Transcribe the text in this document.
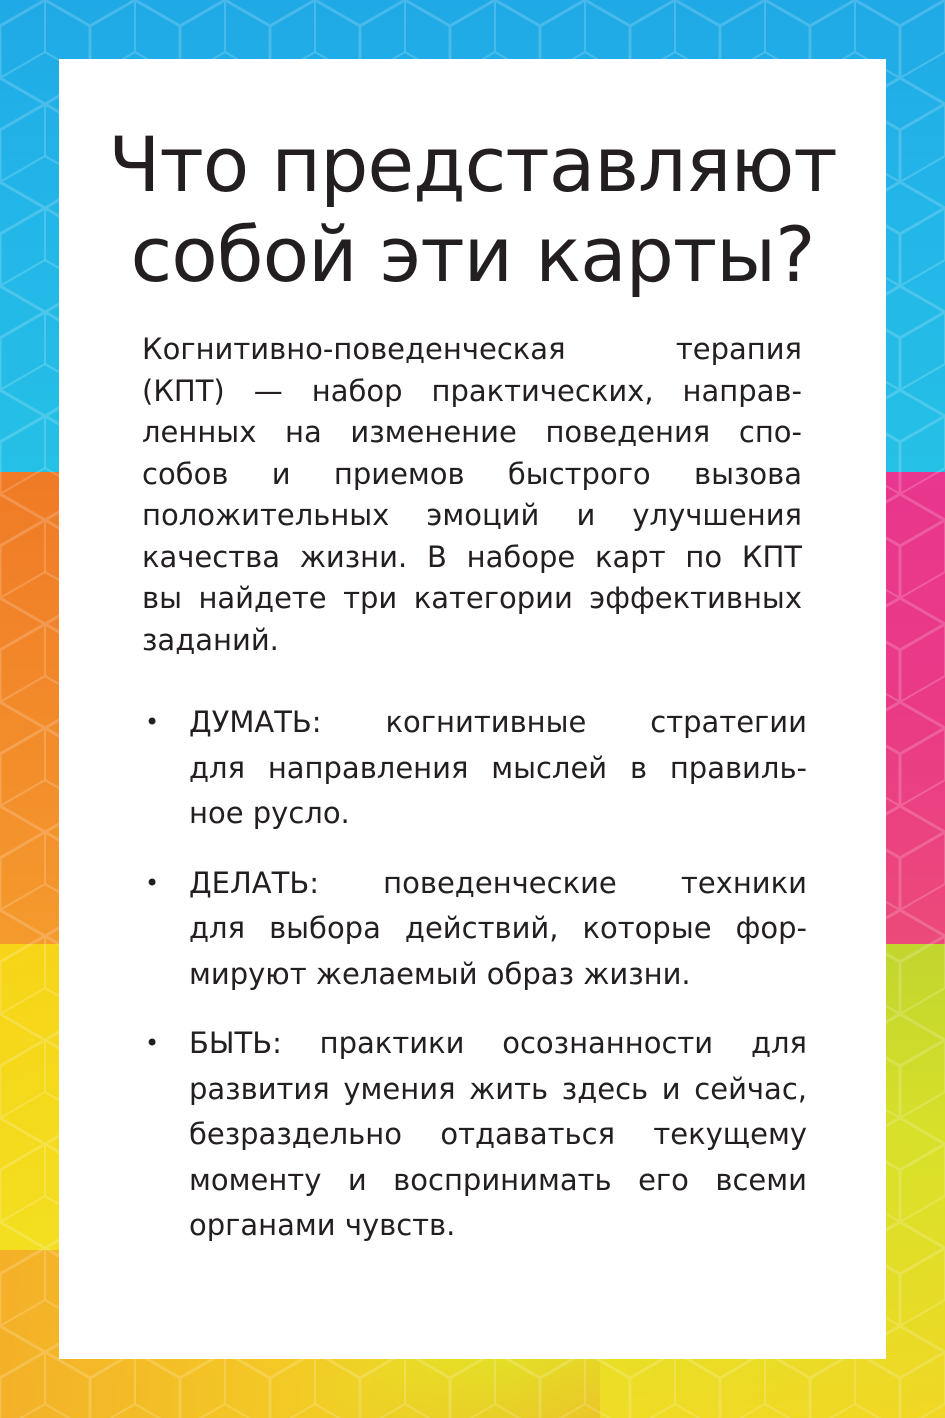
Что представляют
собой эти карты?

Когнитивно-поведенческая терапия
(КПТ) — набор практических, направ-
ленных на изменение поведения спо-
собов и приемов быстрого вызова
положительных эмоций и улучшения
качества жизни. В наборе карт по КПТ
вы найдете три категории эффективных
заданий.

• ДУМАТЬ: когнитивные стратегии
для направления мыслей в правиль-
ное русло.
• ДЕЛАТЬ: поведенческие техники
для выбора действий, которые фор-
мируют желаемый образ жизни.
• БЫТЬ: практики осознанности для
развития умения жить здесь и сейчас,
безраздельно отдаваться текущему
моменту и воспринимать его всеми
органами чувств.
